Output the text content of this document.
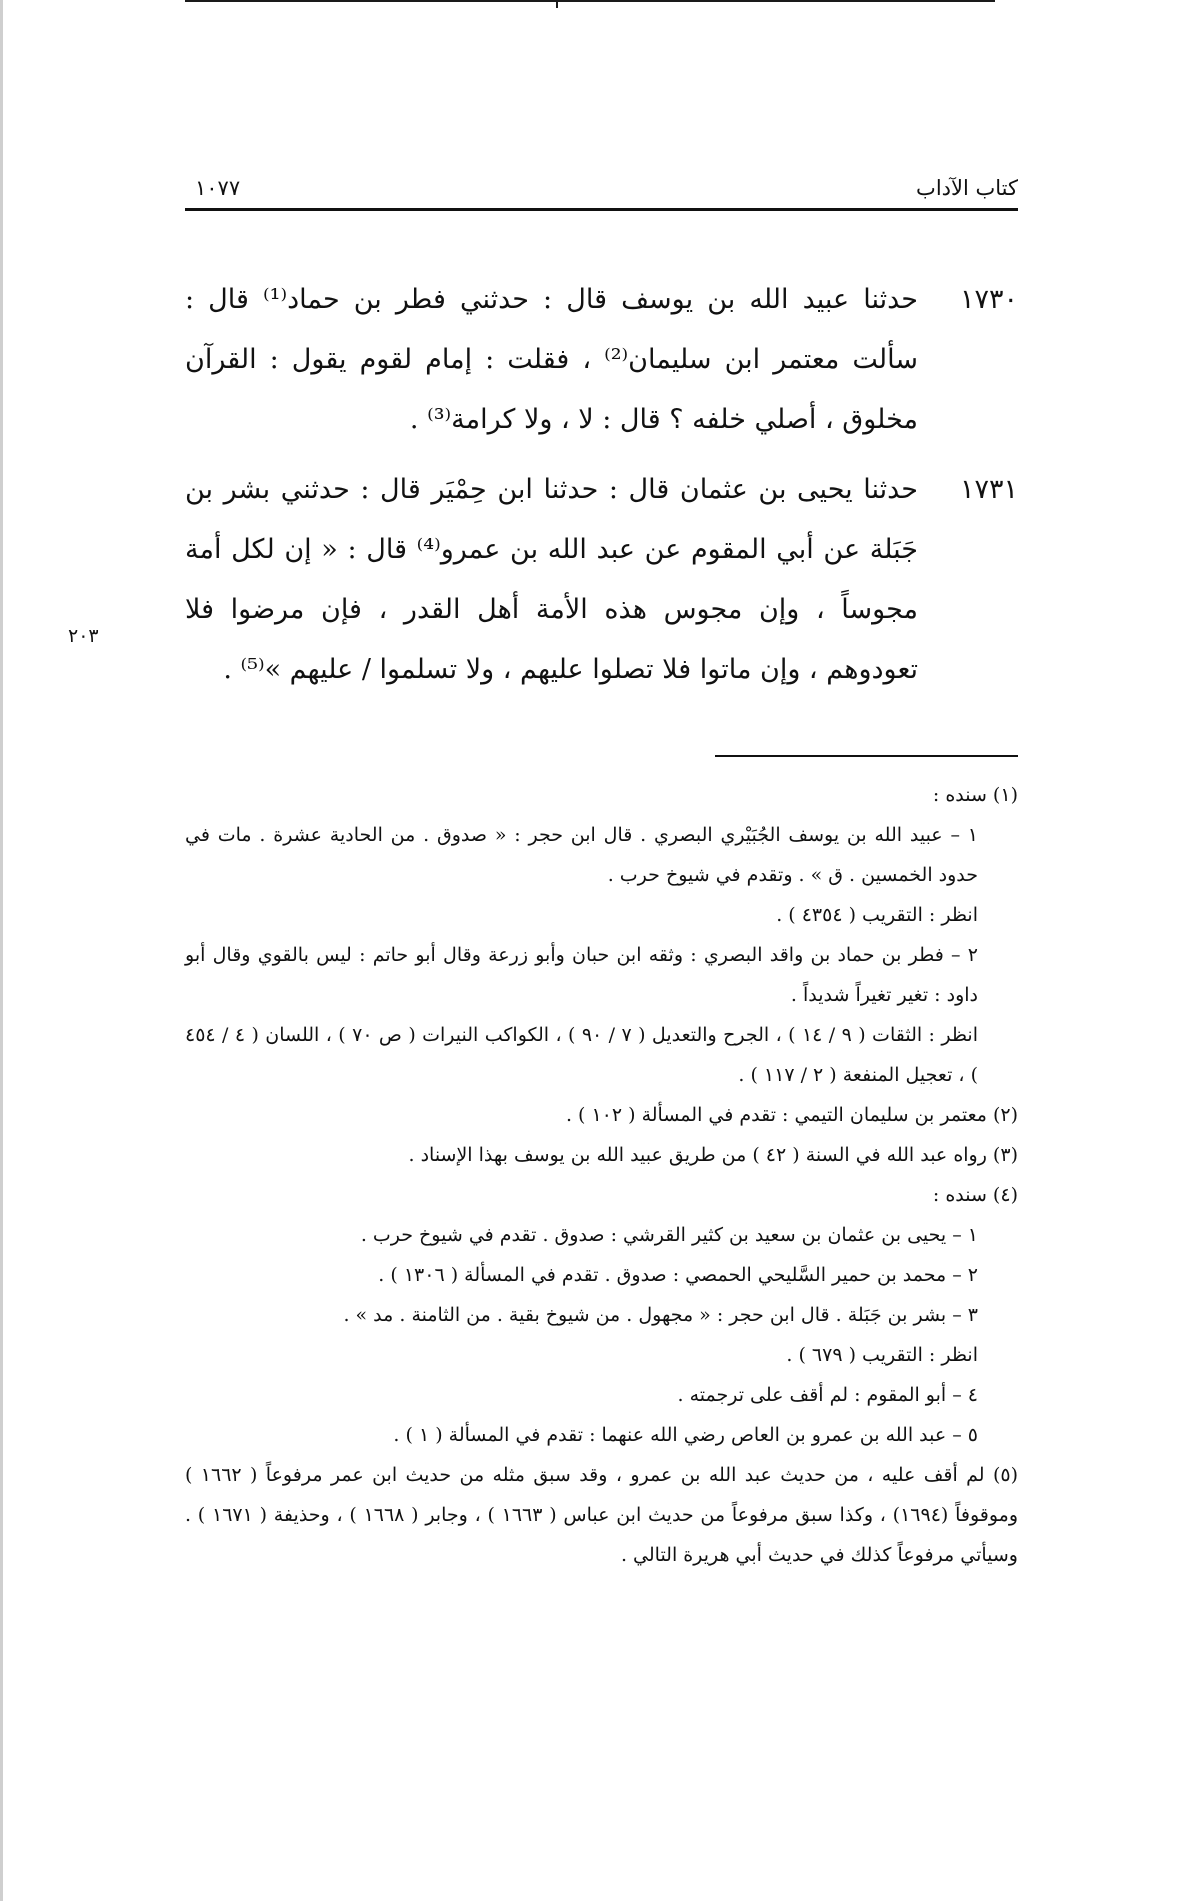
كتاب الآداب
١٠٧٧
١٧٣٠
حدثنا عبيد الله بن يوسف قال : حدثني فطر بن حماد⁽¹⁾ قال : سألت معتمر ابن سليمان⁽²⁾ ، فقلت : إمام لقوم يقول : القرآن مخلوق ، أصلي خلفه ؟ قال : لا ، ولا كرامة⁽³⁾ .
١٧٣١
حدثنا يحيى بن عثمان قال : حدثنا ابن حِمْيَر قال : حدثني بشر بن جَبَلة عن أبي المقوم عن عبد الله بن عمرو⁽⁴⁾ قال : « إن لكل أمة مجوساً ، وإن مجوس هذه الأمة أهل القدر ، فإن مرضوا فلا تعودوهم ، وإن ماتوا فلا تصلوا عليهم ، ولا تسلموا / عليهم »⁽⁵⁾ .
٢٠٣
(١) سنده :
١ – عبيد الله بن يوسف الجُبَيْري البصري . قال ابن حجر : « صدوق . من الحادية عشرة . مات في حدود الخمسين . ق » . وتقدم في شيوخ حرب .
انظر : التقريب ( ٤٣٥٤ ) .
٢ – فطر بن حماد بن واقد البصري : وثقه ابن حبان وأبو زرعة وقال أبو حاتم : ليس بالقوي وقال أبو داود : تغير تغيراً شديداً .
انظر : الثقات ( ٩ / ١٤ ) ، الجرح والتعديل ( ٧ / ٩٠ ) ، الكواكب النيرات ( ص ٧٠ ) ، اللسان ( ٤ / ٤٥٤ ) ، تعجيل المنفعة ( ٢ / ١١٧ ) .
(٢) معتمر بن سليمان التيمي : تقدم في المسألة ( ١٠٢ ) .
(٣) رواه عبد الله في السنة ( ٤٢ ) من طريق عبيد الله بن يوسف بهذا الإسناد .
(٤) سنده :
١ – يحيى بن عثمان بن سعيد بن كثير القرشي : صدوق . تقدم في شيوخ حرب .
٢ – محمد بن حمير السَّليحي الحمصي : صدوق . تقدم في المسألة ( ١٣٠٦ ) .
٣ – بشر بن جَبَلة . قال ابن حجر : « مجهول . من شيوخ بقية . من الثامنة . مد » .
انظر : التقريب ( ٦٧٩ ) .
٤ – أبو المقوم : لم أقف على ترجمته .
٥ – عبد الله بن عمرو بن العاص رضي الله عنهما : تقدم في المسألة ( ١ ) .
(٥) لم أقف عليه ، من حديث عبد الله بن عمرو ، وقد سبق مثله من حديث ابن عمر مرفوعاً ( ١٦٦٢ ) وموقوفاً (١٦٩٤) ، وكذا سبق مرفوعاً من حديث ابن عباس ( ١٦٦٣ ) ، وجابر ( ١٦٦٨ ) ، وحذيفة ( ١٦٧١ ) . وسيأتي مرفوعاً كذلك في حديث أبي هريرة التالي .
